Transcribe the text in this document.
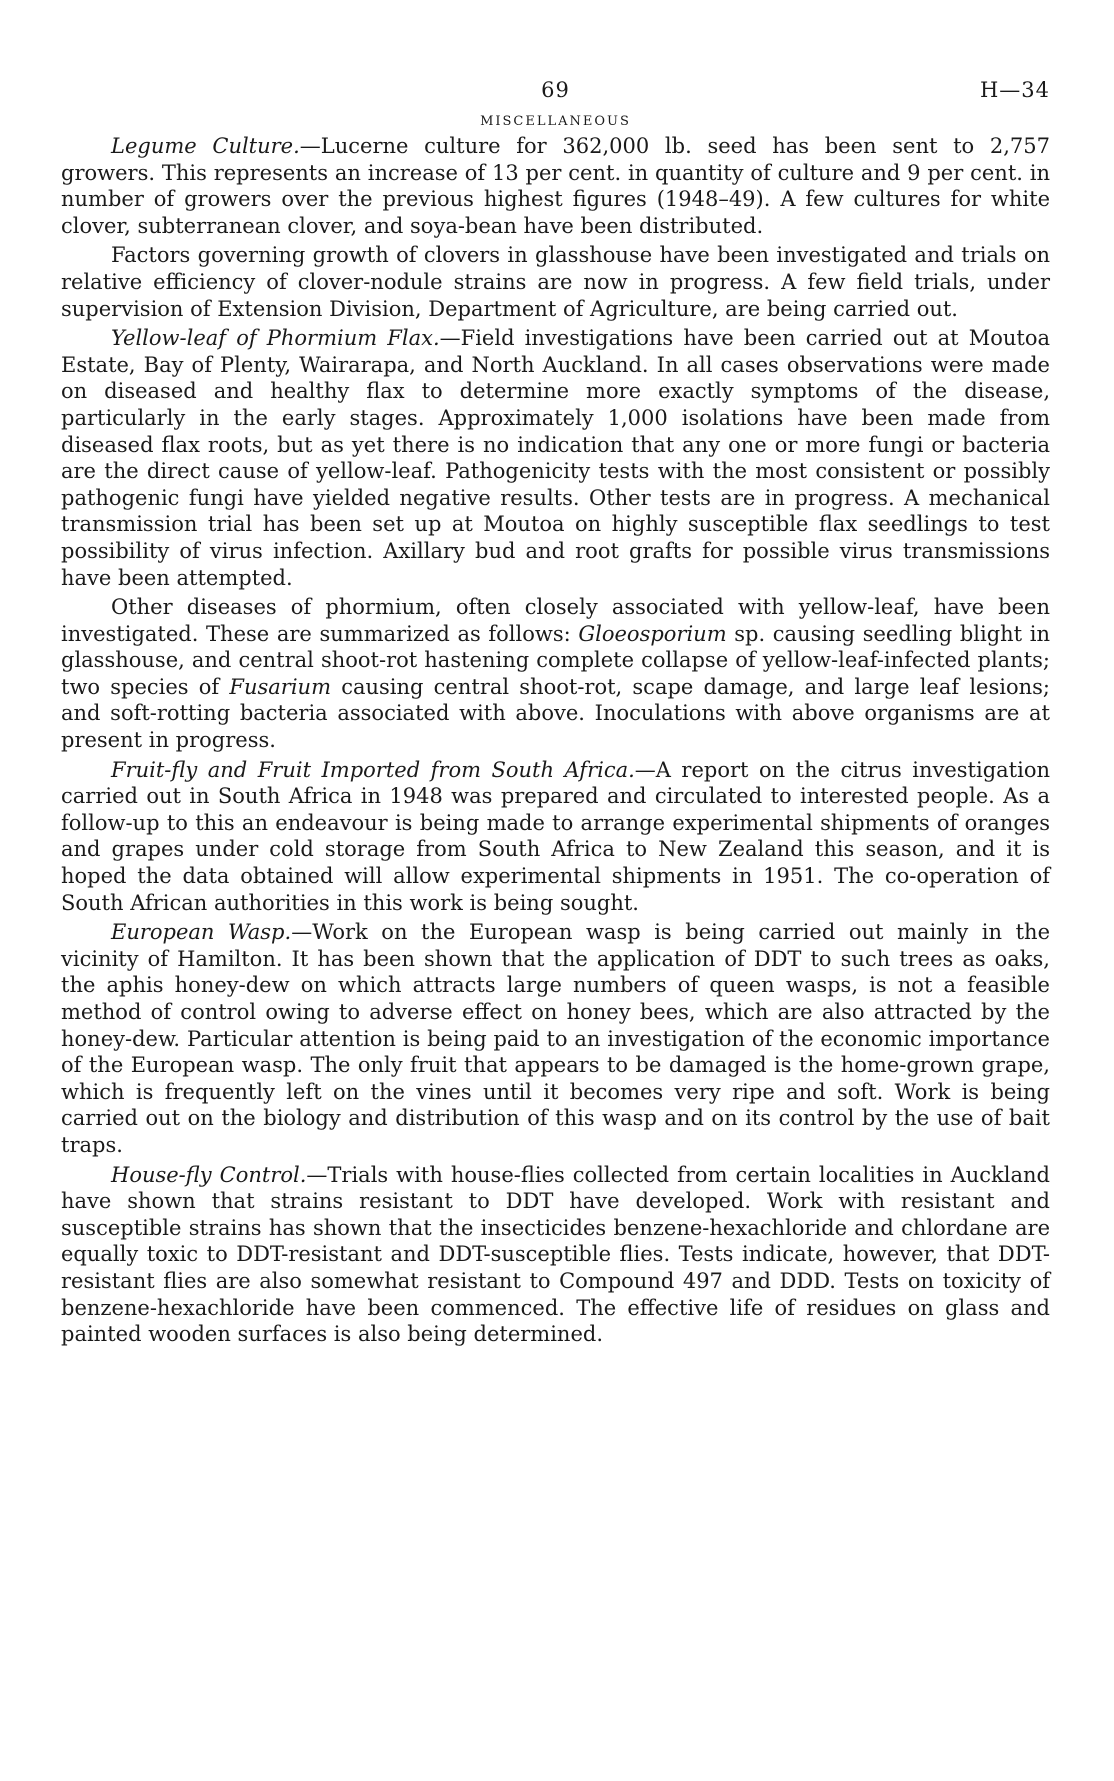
69	H—34
MISCELLANEOUS

Legume Culture.—Lucerne culture for 362,000 lb. seed has been sent to 2,757 growers. This represents an increase of 13 per cent. in quantity of culture and 9 per cent. in number of growers over the previous highest figures (1948–49). A few cultures for white clover, subterranean clover, and soya-bean have been distributed.

Factors governing growth of clovers in glasshouse have been investigated and trials on relative efficiency of clover-nodule strains are now in progress. A few field trials, under supervision of Extension Division, Department of Agriculture, are being carried out.

Yellow-leaf of Phormium Flax.—Field investigations have been carried out at Moutoa Estate, Bay of Plenty, Wairarapa, and North Auckland. In all cases observations were made on diseased and healthy flax to determine more exactly symptoms of the disease, particularly in the early stages. Approximately 1,000 isolations have been made from diseased flax roots, but as yet there is no indication that any one or more fungi or bacteria are the direct cause of yellow-leaf. Pathogenicity tests with the most consistent or possibly pathogenic fungi have yielded negative results. Other tests are in progress. A mechanical transmission trial has been set up at Moutoa on highly susceptible flax seedlings to test possibility of virus infection. Axillary bud and root grafts for possible virus transmissions have been attempted.

Other diseases of phormium, often closely associated with yellow-leaf, have been investigated. These are summarized as follows: Gloeosporium sp. causing seedling blight in glasshouse, and central shoot-rot hastening complete collapse of yellow-leaf-infected plants; two species of Fusarium causing central shoot-rot, scape damage, and large leaf lesions; and soft-rotting bacteria associated with above. Inoculations with above organisms are at present in progress.

Fruit-fly and Fruit Imported from South Africa.—A report on the citrus investigation carried out in South Africa in 1948 was prepared and circulated to interested people. As a follow-up to this an endeavour is being made to arrange experimental shipments of oranges and grapes under cold storage from South Africa to New Zealand this season, and it is hoped the data obtained will allow experimental shipments in 1951. The co-operation of South African authorities in this work is being sought.

European Wasp.—Work on the European wasp is being carried out mainly in the vicinity of Hamilton. It has been shown that the application of DDT to such trees as oaks, the aphis honey-dew on which attracts large numbers of queen wasps, is not a feasible method of control owing to adverse effect on honey bees, which are also attracted by the honey-dew. Particular attention is being paid to an investigation of the economic importance of the European wasp. The only fruit that appears to be damaged is the home-grown grape, which is frequently left on the vines until it becomes very ripe and soft. Work is being carried out on the biology and distribution of this wasp and on its control by the use of bait traps.

House-fly Control.—Trials with house-flies collected from certain localities in Auckland have shown that strains resistant to DDT have developed. Work with resistant and susceptible strains has shown that the insecticides benzene-hexachloride and chlordane are equally toxic to DDT-resistant and DDT-susceptible flies. Tests indicate, however, that DDT-resistant flies are also somewhat resistant to Compound 497 and DDD. Tests on toxicity of benzene-hexachloride have been commenced. The effective life of residues on glass and painted wooden surfaces is also being determined.
